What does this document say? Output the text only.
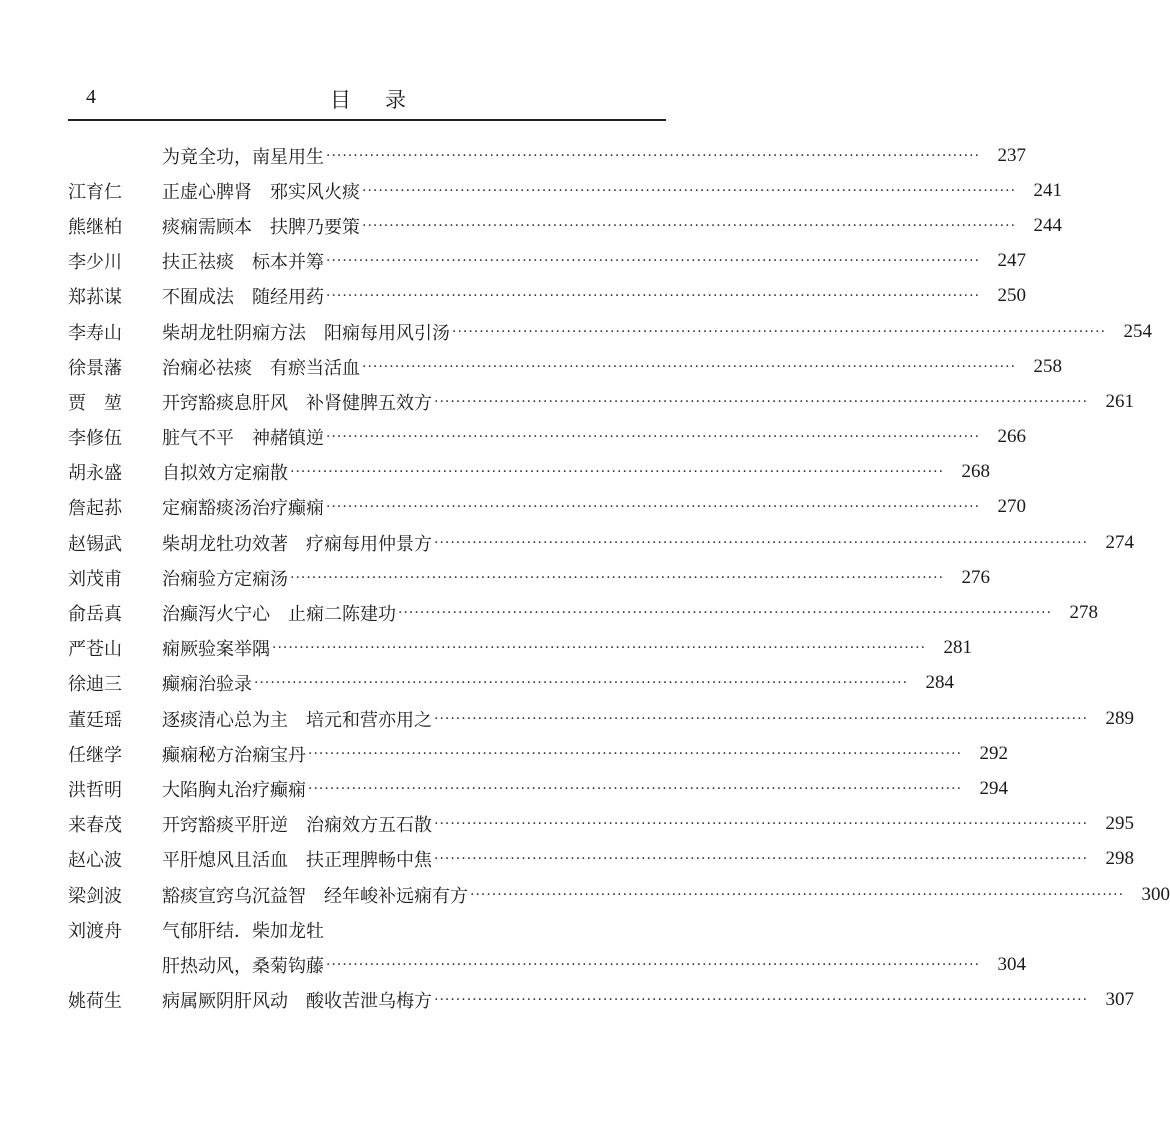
4	目录
为竟全功，南星用生 ························································································································ 237
江育仁	正虚心脾肾　邪实风火痰 ························································································································ 241
熊继柏	痰痫需顾本　扶脾乃要策 ························································································································ 244
李少川	扶正祛痰　标本并筹 ························································································································ 247
郑荪谋	不囿成法　随经用药 ························································································································ 250
李寿山	柴胡龙牡阴痫方法　阳痫每用风引汤 ························································································································ 254
徐景藩	治痫必祛痰　有瘀当活血 ························································································································ 258
贾　堃	开窍豁痰息肝风　补肾健脾五效方 ························································································································ 261
李修伍	脏气不平　神赭镇逆 ························································································································ 266
胡永盛	自拟效方定痫散 ························································································································ 268
詹起荪	定痫豁痰汤治疗癫痫 ························································································································ 270
赵锡武	柴胡龙牡功效著　疗痫每用仲景方 ························································································································ 274
刘茂甫	治痫验方定痫汤 ························································································································ 276
俞岳真	治癫泻火宁心　止痫二陈建功 ························································································································ 278
严苍山	痫厥验案举隅 ························································································································ 281
徐迪三	癫痫治验录 ························································································································ 284
董廷瑶	逐痰清心总为主　培元和营亦用之 ························································································································ 289
任继学	癫痫秘方治痫宝丹 ························································································································ 292
洪哲明	大陷胸丸治疗癫痫 ························································································································ 294
来春茂	开窍豁痰平肝逆　治痫效方五石散 ························································································································ 295
赵心波	平肝熄风且活血　扶正理脾畅中焦 ························································································································ 298
梁剑波	豁痰宣窍乌沉益智　经年峻补远痫有方 ························································································································ 300
刘渡舟	气郁肝结．柴加龙牡
肝热动风，桑菊钩藤 ························································································································ 304
姚荷生	病属厥阴肝风动　酸收苦泄乌梅方 ························································································································ 307
